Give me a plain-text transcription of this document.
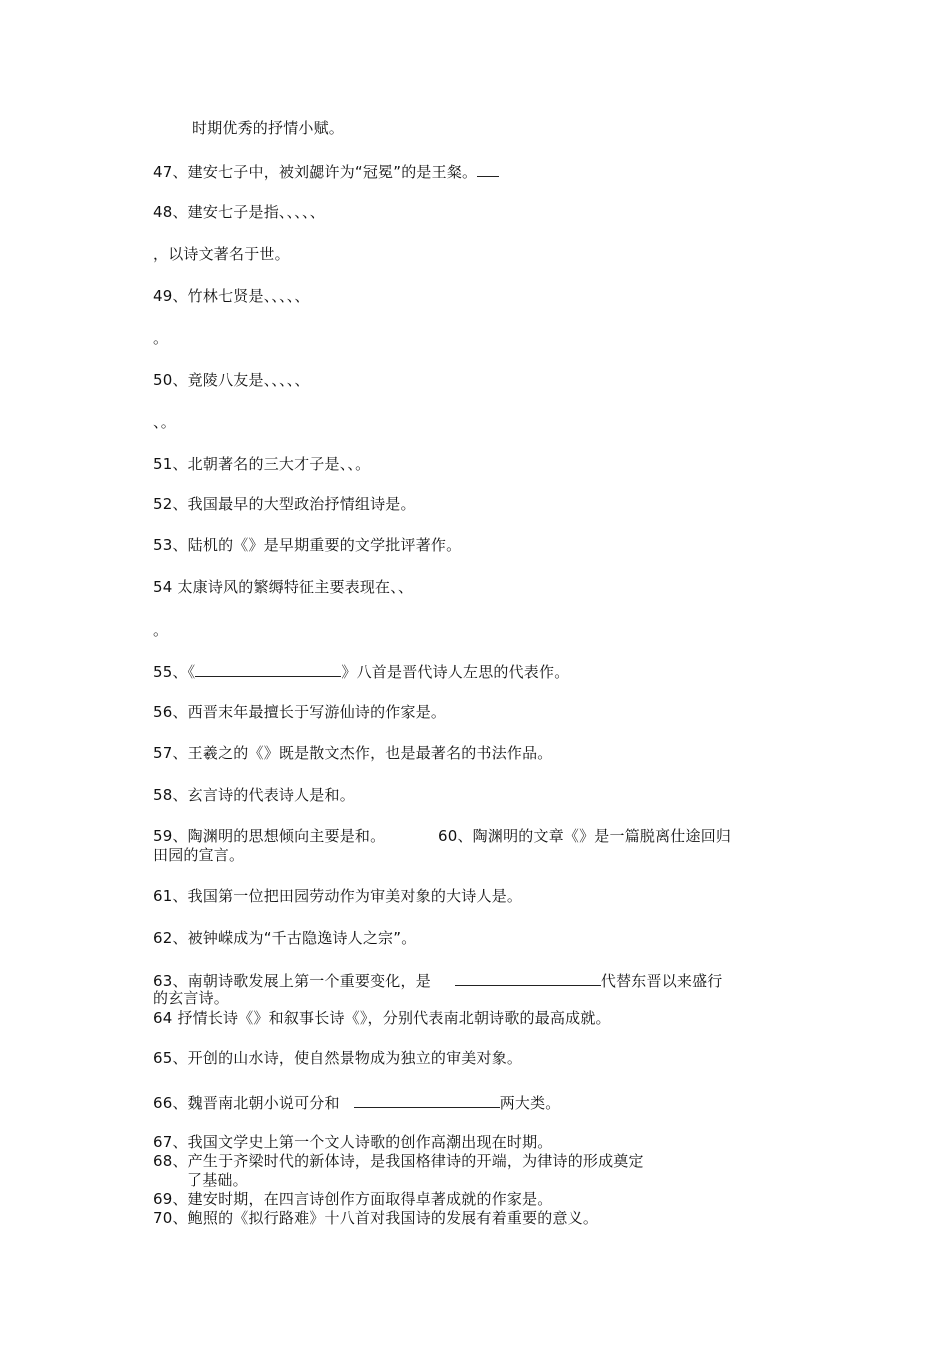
时期优秀的抒情小赋。
47、建安七子中，被刘勰许为“冠冕”的是王粲。
48、建安七子是指、、、、、
，以诗文著名于世。
49、竹林七贤是、、、、、
。
50、竟陵八友是、、、、、
、。
51、北朝著名的三大才子是、、。
52、我国最早的大型政治抒情组诗是。
53、陆机的《》是早期重要的文学批评著作。
54 太康诗风的繁缛特征主要表现在、、
。
55、《	》八首是晋代诗人左思的代表作。
56、西晋末年最擅长于写游仙诗的作家是。
57、王羲之的《》既是散文杰作，也是最著名的书法作品。
58、玄言诗的代表诗人是和。
59、陶渊明的思想倾向主要是和。	60、陶渊明的文章《》是一篇脱离仕途回归
田园的宣言。
61、我国第一位把田园劳动作为审美对象的大诗人是。
62、被钟嵘成为“千古隐逸诗人之宗”。
63、南朝诗歌发展上第一个重要变化，是	代替东晋以来盛行
的玄言诗。
64 抒情长诗《》和叙事长诗《》，分别代表南北朝诗歌的最高成就。
65、开创的山水诗，使自然景物成为独立的审美对象。
66、魏晋南北朝小说可分和	两大类。
67、我国文学史上第一个文人诗歌的创作高潮出现在时期。
68、产生于齐梁时代的新体诗，是我国格律诗的开端，为律诗的形成奠定
了基础。
69、建安时期，在四言诗创作方面取得卓著成就的作家是。
70、鲍照的《拟行路难》十八首对我国诗的发展有着重要的意义。
